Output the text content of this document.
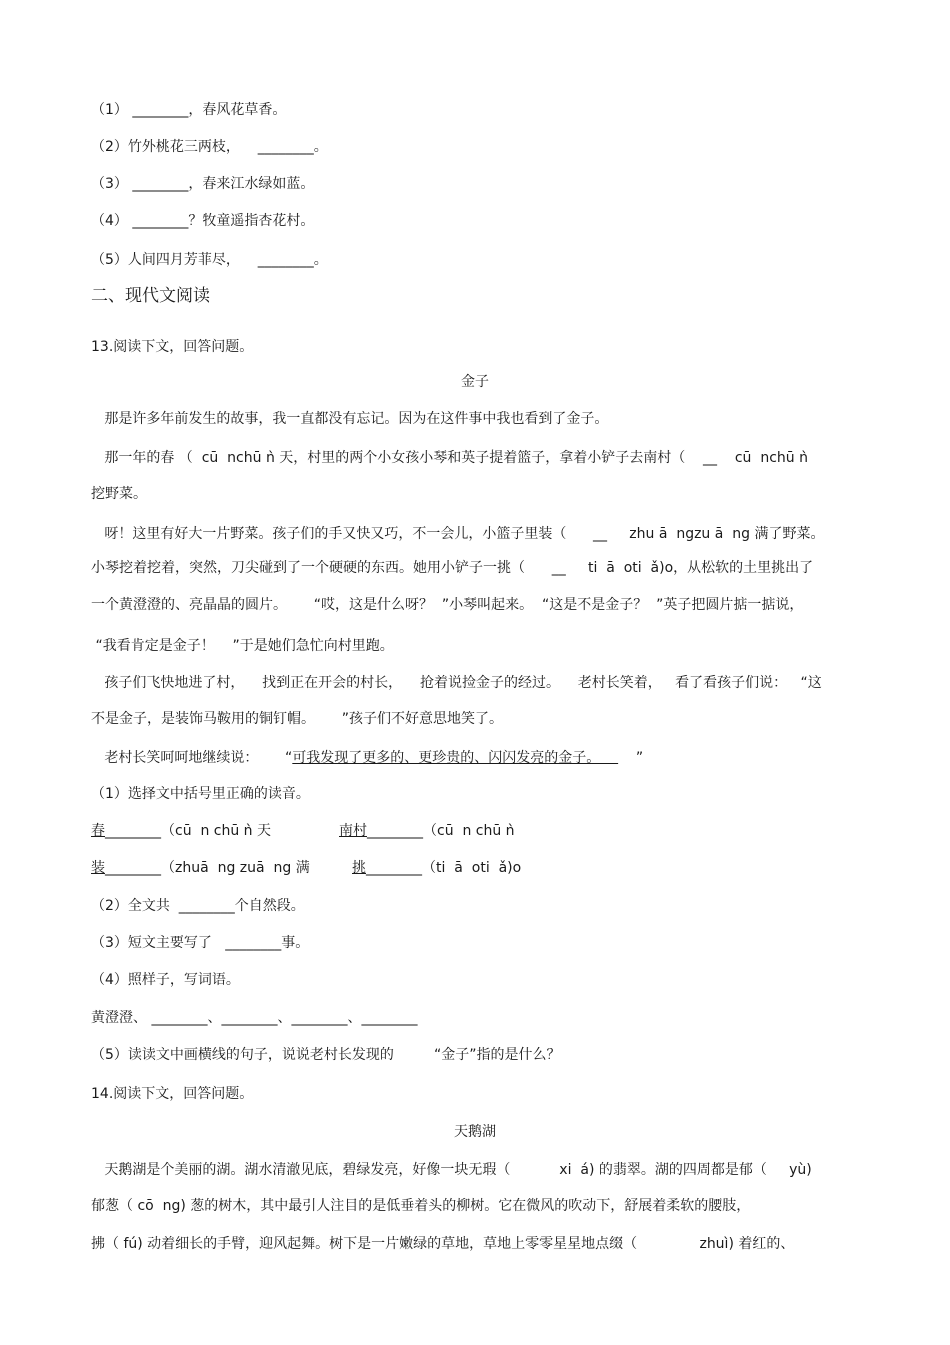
（1） ________，春风花草香。
（2）竹外桃花三两枝，    ________。
（3） ________，春来江水绿如蓝。
（4） ________？牧童遥指杏花村。
（5）人间四月芳菲尽，    ________。
二、现代文阅读
13.阅读下文，回答问题。
金子
那是许多年前发生的故事，我一直都没有忘记。因为在这件事中我也看到了金子。
那一年的春 （  cū  nchū ǹ 天，村里的两个小女孩小琴和英子提着篮子，拿着小铲子去南村（    __    cū  nchū ǹ
挖野菜。
呀！这里有好大一片野菜。孩子们的手又快又巧，不一会儿，小篮子里装（      __     zhu ā  ngzu ā  ng 满了野菜。
小琴挖着挖着，突然，刀尖碰到了一个硬硬的东西。她用小铲子一挑（      __     ti  ā  oti  ǎ)o，从松软的土里挑出了
一个黄澄澄的、亮晶晶的圆片。      “哎，这是什么呀？  ”小琴叫起来。  “这是不是金子？  ”英子把圆片掂一掂说，
“我看肯定是金子！    ”于是她们急忙向村里跑。
孩子们飞快地进了村，    找到正在开会的村长，    抢着说捡金子的经过。    老村长笑着，   看了看孩子们说：   “这
不是金子，是装饰马鞍用的铜钉帽。      ”孩子们不好意思地笑了。
老村长笑呵呵地继续说：      “可我发现了更多的、更珍贵的、闪闪发亮的金子。        ”
（1）选择文中括号里正确的读音。
春________（cū  n chū ǹ 天	南村________（cū  n chū ǹ
装________（zhuā  ng zuā  ng 满	挑________（ti  ā  oti  ǎ)o
（2）全文共  ________个自然段。
（3）短文主要写了   ________事。
（4）照样子，写词语。
黄澄澄、 ________、________、________、________
（5）读读文中画横线的句子，说说老村长发现的         “金子”指的是什么？
14.阅读下文，回答问题。
天鹅湖
天鹅湖是个美丽的湖。湖水清澈见底，碧绿发亮，好像一块无瑕（           xi  á) 的翡翠。湖的四周都是郁（     yù)
郁葱（ cō  ng) 葱的树木，其中最引人注目的是低垂着头的柳树。它在微风的吹动下，舒展着柔软的腰肢，
拂（ fú) 动着细长的手臂，迎风起舞。树下是一片嫩绿的草地，草地上零零星星地点缀（              zhuì) 着红的、
